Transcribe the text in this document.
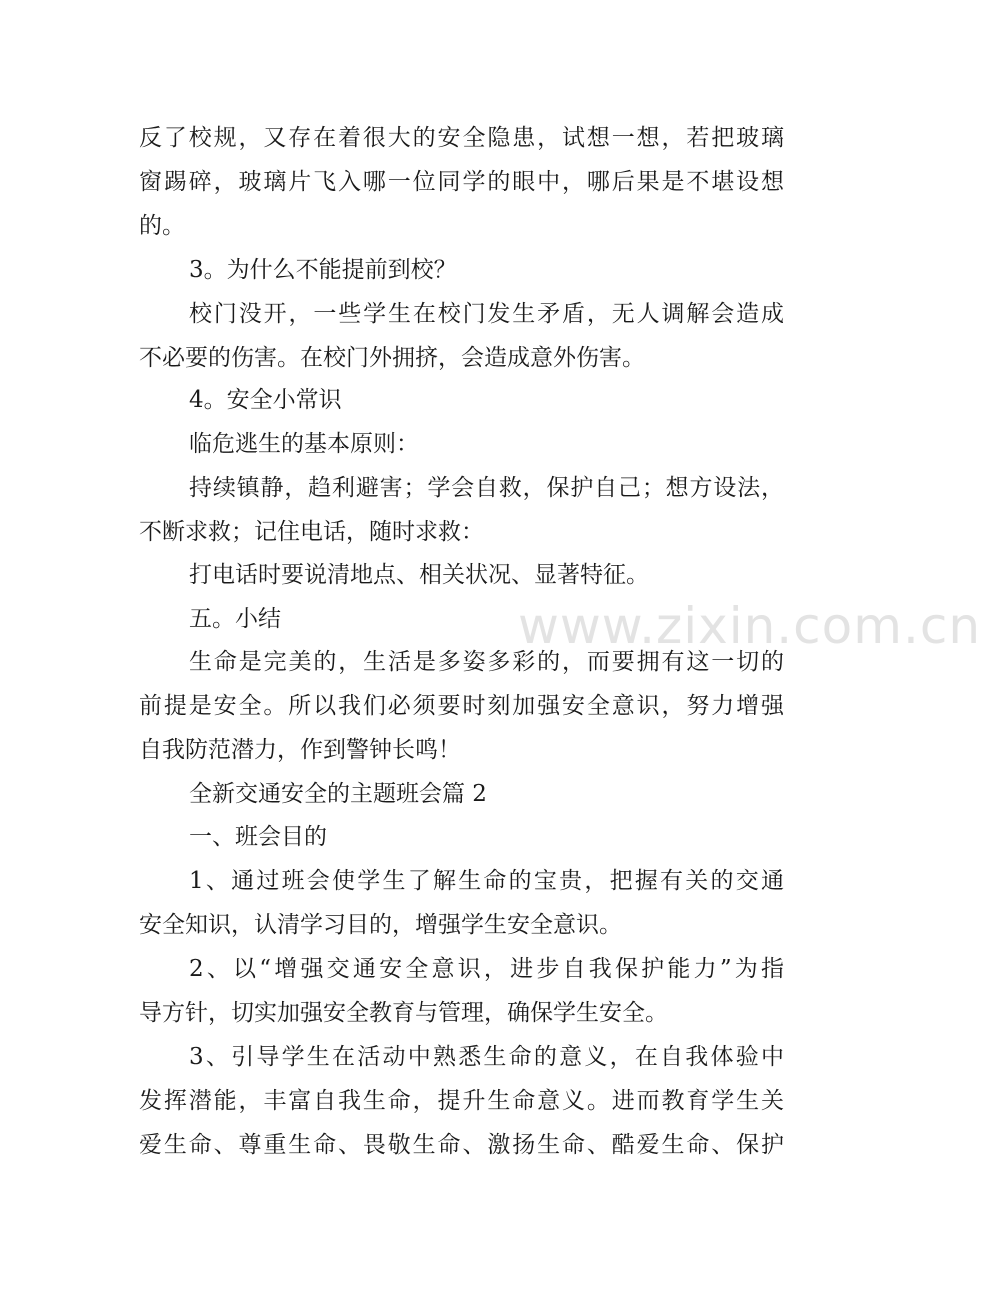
www.zixin.com.cn
反了校规，又存在着很大的安全隐患，试想一想，若把玻璃
窗踢碎，玻璃片飞入哪一位同学的眼中，哪后果是不堪设想
的。
3。为什么不能提前到校？
校门没开，一些学生在校门发生矛盾，无人调解会造成
不必要的伤害。在校门外拥挤，会造成意外伤害。
4。安全小常识
临危逃生的基本原则：
持续镇静，趋利避害；学会自救，保护自己；想方设法，
不断求救；记住电话，随时求救：
打电话时要说清地点、相关状况、显著特征。
五。小结
生命是完美的，生活是多姿多彩的，而要拥有这一切的
前提是安全。所以我们必须要时刻加强安全意识，努力增强
自我防范潜力，作到警钟长鸣！
全新交通安全的主题班会篇 2
一、班会目的
1、通过班会使学生了解生命的宝贵，把握有关的交通
安全知识，认清学习目的，增强学生安全意识。
2、以“增强交通安全意识，进步自我保护能力”为指
导方针，切实加强安全教育与管理，确保学生安全。
3、引导学生在活动中熟悉生命的意义，在自我体验中
发挥潜能，丰富自我生命，提升生命意义。进而教育学生关
爱生命、尊重生命、畏敬生命、激扬生命、酷爱生命、保护
